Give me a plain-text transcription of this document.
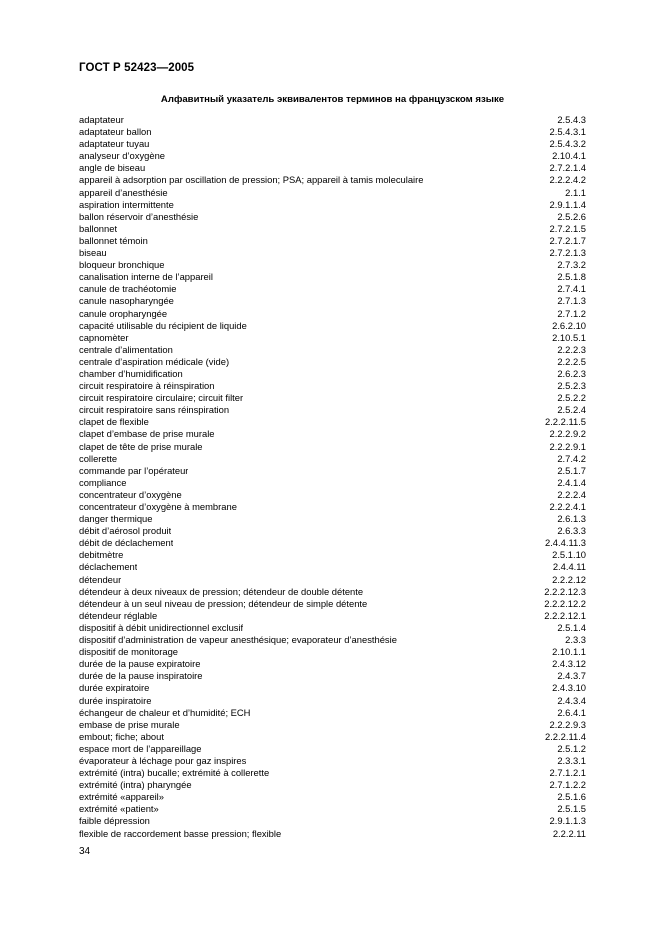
ГОСТ Р 52423—2005
Алфавитный указатель эквивалентов терминов на французском языке
adaptateur	2.5.4.3
adaptateur ballon	2.5.4.3.1
adaptateur tuyau	2.5.4.3.2
analyseur d’oxygène	2.10.4.1
angle de biseau	2.7.2.1.4
appareil à adsorption par oscillation de pression; PSA; appareil à tamis moleculaire	2.2.2.4.2
appareil d’anesthésie	2.1.1
aspiration intermittente	2.9.1.1.4
ballon réservoir d’anesthésie	2.5.2.6
ballonnet	2.7.2.1.5
ballonnet témoin	2.7.2.1.7
biseau	2.7.2.1.3
bloqueur bronchique	2.7.3.2
canalisation interne de l’appareil	2.5.1.8
canule de trachéotomie	2.7.4.1
canule nasopharyngée	2.7.1.3
canule oropharyngée	2.7.1.2
capacité utilisable du récipient de liquide	2.6.2.10
capnomèter	2.10.5.1
centrale d’alimentation	2.2.2.3
centrale d’aspiration médicale (vide)	2.2.2.5
chamber d’humidification	2.6.2.3
circuit respiratoire à réinspiration	2.5.2.3
circuit respiratoire circulaire; circuit filter	2.5.2.2
circuit respiratoire sans réinspiration	2.5.2.4
clapet de flexible	2.2.2.11.5
clapet d’embase de prise murale	2.2.2.9.2
clapet de tête de prise murale	2.2.2.9.1
collerette	2.7.4.2
commande par l’opérateur	2.5.1.7
compliance	2.4.1.4
concentrateur d’oxygène	2.2.2.4
concentrateur d’oxygène à membrane	2.2.2.4.1
danger thermique	2.6.1.3
débit d’aérosol produit	2.6.3.3
débit de déclachement	2.4.4.11.3
debitmètre	2.5.1.10
déclachement	2.4.4.11
détendeur	2.2.2.12
détendeur à deux niveaux de pression; détendeur de double détente	2.2.2.12.3
détendeur à un seul niveau de pression; détendeur de simple détente	2.2.2.12.2
détendeur réglable	2.2.2.12.1
dispositif à débit unidirectionnel exclusif	2.5.1.4
dispositif d’administration de vapeur anesthésique; evaporateur d’anesthésie	2.3.3
dispositif de monitorage	2.10.1.1
durée de la pause expiratoire	2.4.3.12
durée de la pause inspiratoire	2.4.3.7
durée expiratoire	2.4.3.10
durée inspiratoire	2.4.3.4
échangeur de chaleur et d’humidité; ECH	2.6.4.1
embase de prise murale	2.2.2.9.3
embout; fiche; about	2.2.2.11.4
espace mort de l’appareillage	2.5.1.2
évaporateur à léchage pour gaz inspires	2.3.3.1
extrémité (intra) bucalle; extrémité à collerette	2.7.1.2.1
extrémité (intra) pharyngée	2.7.1.2.2
extrémité «appareil»	2.5.1.6
extrémité «patient»	2.5.1.5
faible dépression	2.9.1.1.3
flexible de raccordement basse pression; flexible	2.2.2.11
34
